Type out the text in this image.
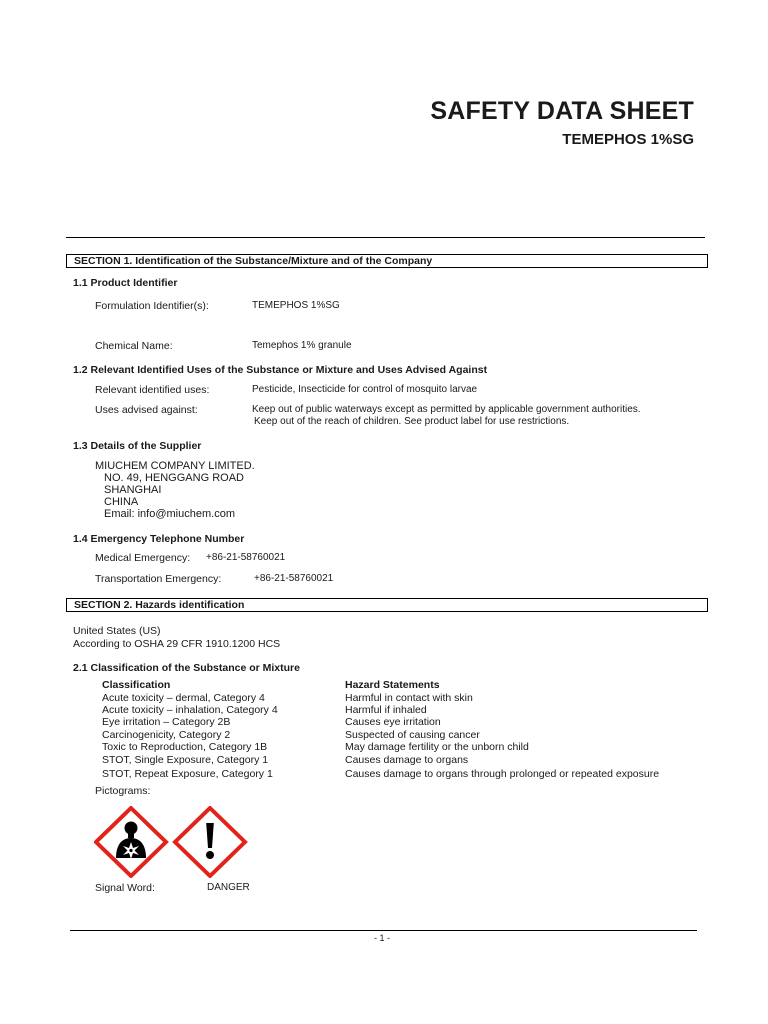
SAFETY DATA SHEET
TEMEPHOS 1%SG
SECTION 1. Identification of the Substance/Mixture and of the Company
1.1 Product Identifier
Formulation Identifier(s):	TEMEPHOS 1%SG
Chemical Name:	Temephos 1% granule
1.2 Relevant Identified Uses of the Substance or Mixture and Uses Advised Against
Relevant identified uses:	Pesticide, Insecticide for control of mosquito larvae
Uses advised against:	Keep out of public waterways except as permitted by applicable government authorities.
Keep out of the reach of children. See product label for use restrictions.
1.3 Details of the Supplier
MIUCHEM COMPANY LIMITED.
NO. 49, HENGGANG ROAD
SHANGHAI
CHINA
Email: info@miuchem.com
1.4 Emergency Telephone Number
Medical Emergency: +86-21-58760021
Transportation Emergency:	+86-21-58760021
SECTION 2. Hazards identification
United States (US)
According to OSHA 29 CFR 1910.1200 HCS
2.1 Classification of the Substance or Mixture
Classification	Hazard Statements
Acute toxicity – dermal, Category 4	Harmful in contact with skin
Acute toxicity – inhalation, Category 4	Harmful if inhaled
Eye irritation – Category 2B	Causes eye irritation
Carcinogenicity, Category 2	Suspected of causing cancer
Toxic to Reproduction, Category 1B	May damage fertility or the unborn child
STOT, Single Exposure, Category 1	Causes damage to organs
STOT, Repeat Exposure, Category 1	Causes damage to organs through prolonged or repeated exposure
Pictograms:
Signal Word:	DANGER
- 1 -
